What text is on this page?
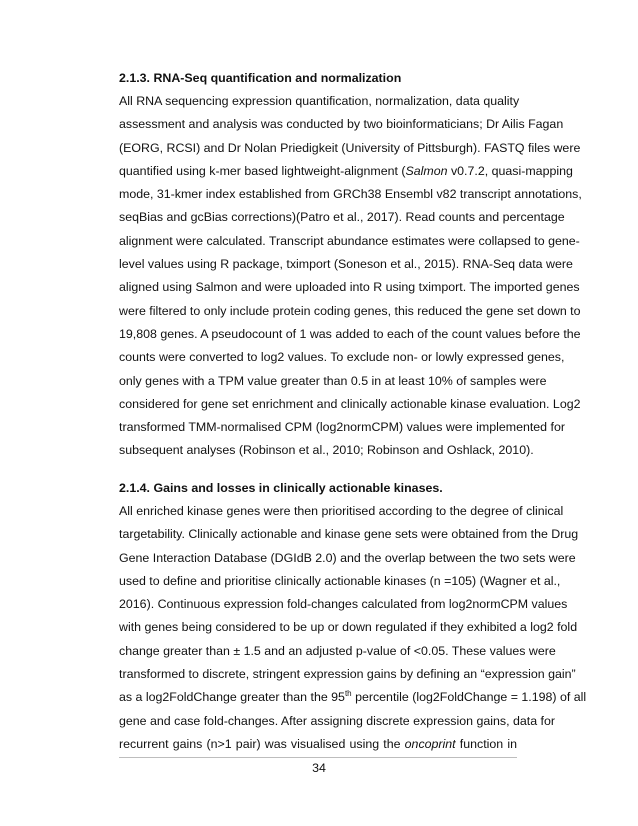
2.1.3. RNA-Seq quantification and normalization
All RNA sequencing expression quantification, normalization, data quality
assessment and analysis was conducted by two bioinformaticians; Dr Ailis Fagan
(EORG, RCSI) and Dr Nolan Priedigkeit (University of Pittsburgh). FASTQ files were
quantified using k-mer based lightweight-alignment (Salmon v0.7.2, quasi-mapping
mode, 31-kmer index established from GRCh38 Ensembl v82 transcript annotations,
seqBias and gcBias corrections)(Patro et al., 2017). Read counts and percentage
alignment were calculated. Transcript abundance estimates were collapsed to gene-
level values using R package, tximport (Soneson et al., 2015). RNA-Seq data were
aligned using Salmon and were uploaded into R using tximport. The imported genes
were filtered to only include protein coding genes, this reduced the gene set down to
19,808 genes. A pseudocount of 1 was added to each of the count values before the
counts were converted to log2 values. To exclude non- or lowly expressed genes,
only genes with a TPM value greater than 0.5 in at least 10% of samples were
considered for gene set enrichment and clinically actionable kinase evaluation. Log2
transformed TMM-normalised CPM (log2normCPM) values were implemented for
subsequent analyses (Robinson et al., 2010; Robinson and Oshlack, 2010).
2.1.4. Gains and losses in clinically actionable kinases.
All enriched kinase genes were then prioritised according to the degree of clinical
targetability. Clinically actionable and kinase gene sets were obtained from the Drug
Gene Interaction Database (DGIdB 2.0) and the overlap between the two sets were
used to define and prioritise clinically actionable kinases (n =105) (Wagner et al.,
2016). Continuous expression fold-changes calculated from log2normCPM values
with genes being considered to be up or down regulated if they exhibited a log2 fold
change greater than ± 1.5 and an adjusted p-value of <0.05. These values were
transformed to discrete, stringent expression gains by defining an “expression gain”
as a log2FoldChange greater than the 95th percentile (log2FoldChange = 1.198) of all
gene and case fold-changes. After assigning discrete expression gains, data for
recurrent gains (n>1 pair) was visualised using the oncoprint function in
34
